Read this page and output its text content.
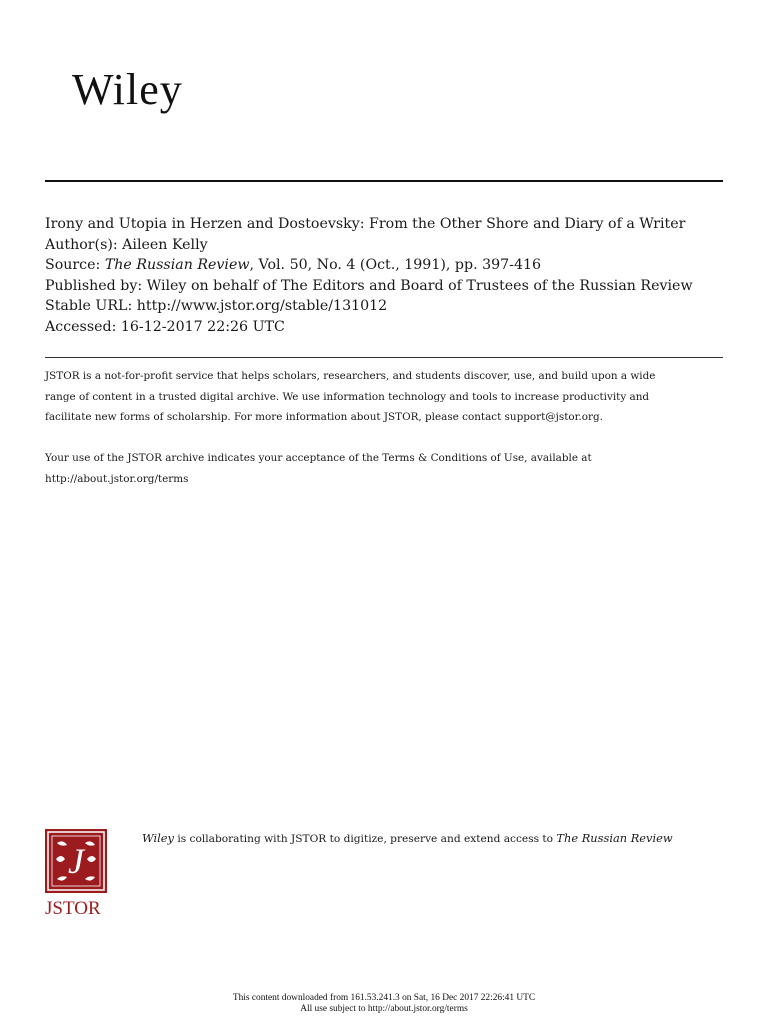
Wiley
Irony and Utopia in Herzen and Dostoevsky: From the Other Shore and Diary of a Writer
Author(s): Aileen Kelly
Source: The Russian Review, Vol. 50, No. 4 (Oct., 1991), pp. 397-416
Published by: Wiley on behalf of The Editors and Board of Trustees of the Russian Review
Stable URL: http://www.jstor.org/stable/131012
Accessed: 16-12-2017 22:26 UTC

JSTOR is a not-for-profit service that helps scholars, researchers, and students discover, use, and build upon a wide
range of content in a trusted digital archive. We use information technology and tools to increase productivity and
facilitate new forms of scholarship. For more information about JSTOR, please contact support@jstor.org.

Your use of the JSTOR archive indicates your acceptance of the Terms & Conditions of Use, available at
http://about.jstor.org/terms

J
JSTOR
Wiley is collaborating with JSTOR to digitize, preserve and extend access to The Russian Review
This content downloaded from 161.53.241.3 on Sat, 16 Dec 2017 22:26:41 UTC
All use subject to http://about.jstor.org/terms
